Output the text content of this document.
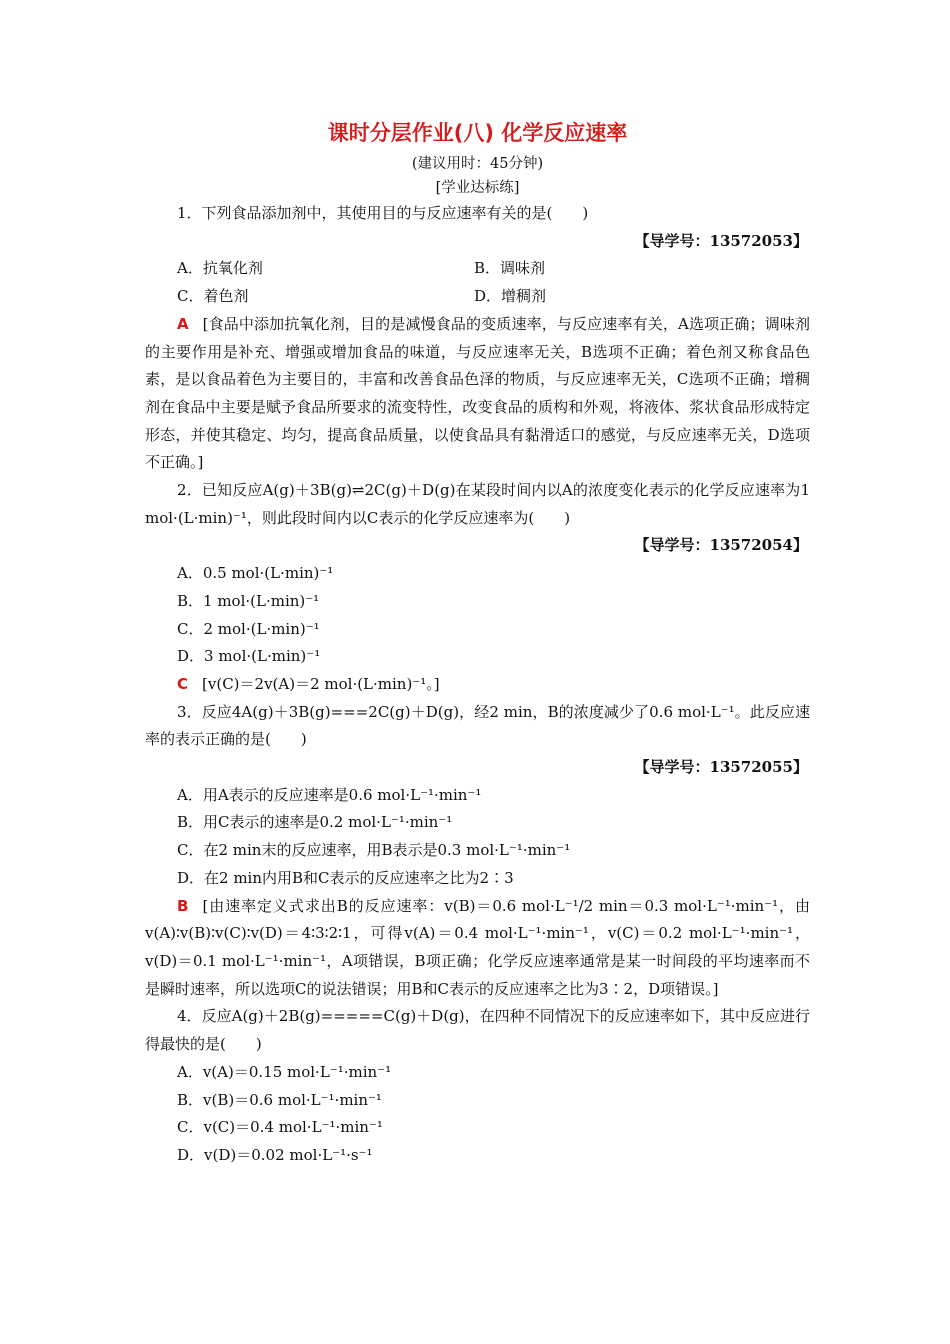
课时分层作业(八) 化学反应速率
(建议用时：45分钟)
[学业达标练]
1．下列食品添加剂中，其使用目的与反应速率有关的是(　　)
【导学号：13572053】
A．抗氧化剂	B．调味剂
C．着色剂	D．增稠剂
A [食品中添加抗氧化剂，目的是减慢食品的变质速率，与反应速率有关，A选项正确；调味剂的主要作用是补充、增强或增加食品的味道，与反应速率无关，B选项不正确；着色剂又称食品色素，是以食品着色为主要目的，丰富和改善食品色泽的物质，与反应速率无关，C选项不正确；增稠剂在食品中主要是赋予食品所要求的流变特性，改变食品的质构和外观，将液体、浆状食品形成特定形态，并使其稳定、均匀，提高食品质量，以使食品具有黏滑适口的感觉，与反应速率无关，D选项不正确。]
2．已知反应A(g)＋3B(g)⇌2C(g)＋D(g)在某段时间内以A的浓度变化表示的化学反应速率为1 mol·(L·min)⁻¹，则此段时间内以C表示的化学反应速率为(　　)
【导学号：13572054】
A．0.5 mol·(L·min)⁻¹
B．1 mol·(L·min)⁻¹
C．2 mol·(L·min)⁻¹
D．3 mol·(L·min)⁻¹
C [v(C)＝2v(A)＝2 mol·(L·min)⁻¹。]
3．反应4A(g)＋3B(g)===2C(g)＋D(g)，经2 min，B的浓度减少了0.6 mol·L⁻¹。此反应速率的表示正确的是(　　)
【导学号：13572055】
A．用A表示的反应速率是0.6 mol·L⁻¹·min⁻¹
B．用C表示的速率是0.2 mol·L⁻¹·min⁻¹
C．在2 min末的反应速率，用B表示是0.3 mol·L⁻¹·min⁻¹
D．在2 min内用B和C表示的反应速率之比为2∶3
B [由速率定义式求出B的反应速率：v(B)＝0.6 mol·L⁻¹/2 min＝0.3 mol·L⁻¹·min⁻¹，由v(A)∶v(B)∶v(C)∶v(D)＝4∶3∶2∶1，可得v(A)＝0.4 mol·L⁻¹·min⁻¹，v(C)＝0.2 mol·L⁻¹·min⁻¹，v(D)＝0.1 mol·L⁻¹·min⁻¹，A项错误，B项正确；化学反应速率通常是某一时间段的平均速率而不是瞬时速率，所以选项C的说法错误；用B和C表示的反应速率之比为3∶2，D项错误。]
4．反应A(g)＋2B(g)=====C(g)＋D(g)，在四种不同情况下的反应速率如下，其中反应进行得最快的是(　　)
A．v(A)＝0.15 mol·L⁻¹·min⁻¹
B．v(B)＝0.6 mol·L⁻¹·min⁻¹
C．v(C)＝0.4 mol·L⁻¹·min⁻¹
D．v(D)＝0.02 mol·L⁻¹·s⁻¹
